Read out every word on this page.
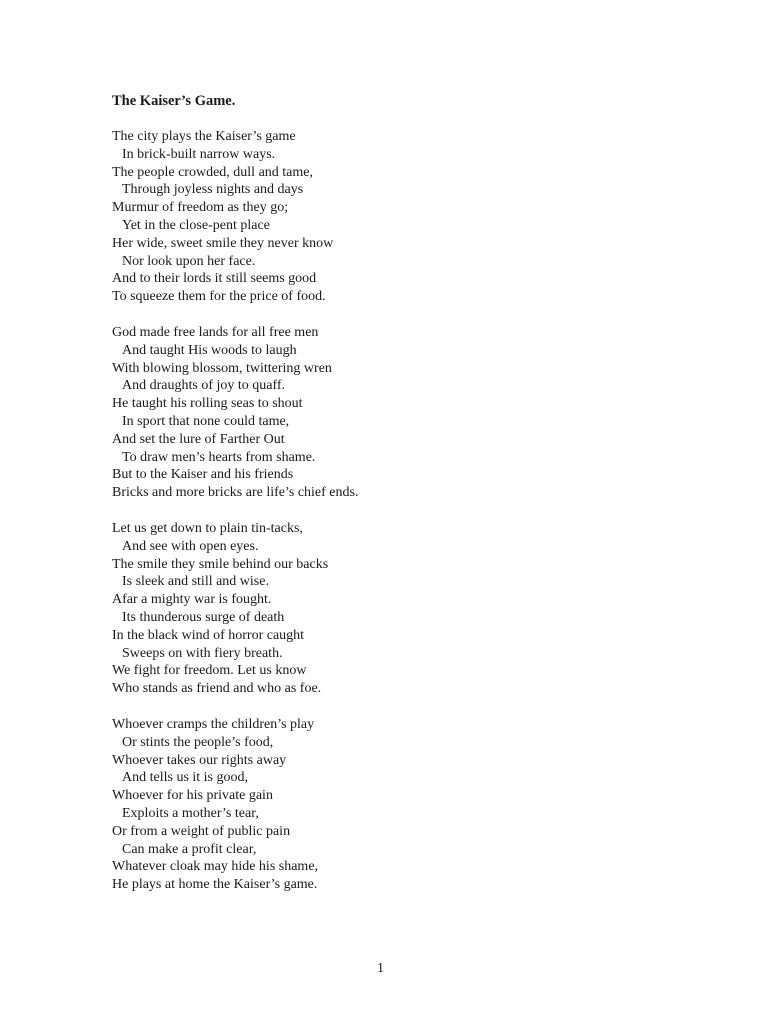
The Kaiser’s Game.
The city plays the Kaiser’s game
In brick-built narrow ways.
The people crowded, dull and tame,
Through joyless nights and days
Murmur of freedom as they go;
Yet in the close-pent place
Her wide, sweet smile they never know
Nor look upon her face.
And to their lords it still seems good
To squeeze them for the price of food.
God made free lands for all free men
And taught His woods to laugh
With blowing blossom, twittering wren
And draughts of joy to quaff.
He taught his rolling seas to shout
In sport that none could tame,
And set the lure of Farther Out
To draw men’s hearts from shame.
But to the Kaiser and his friends
Bricks and more bricks are life’s chief ends.
Let us get down to plain tin-tacks,
And see with open eyes.
The smile they smile behind our backs
Is sleek and still and wise.
Afar a mighty war is fought.
Its thunderous surge of death
In the black wind of horror caught
Sweeps on with fiery breath.
We fight for freedom. Let us know
Who stands as friend and who as foe.
Whoever cramps the children’s play
Or stints the people’s food,
Whoever takes our rights away
And tells us it is good,
Whoever for his private gain
Exploits a mother’s tear,
Or from a weight of public pain
Can make a profit clear,
Whatever cloak may hide his shame,
He plays at home the Kaiser’s game.
1
